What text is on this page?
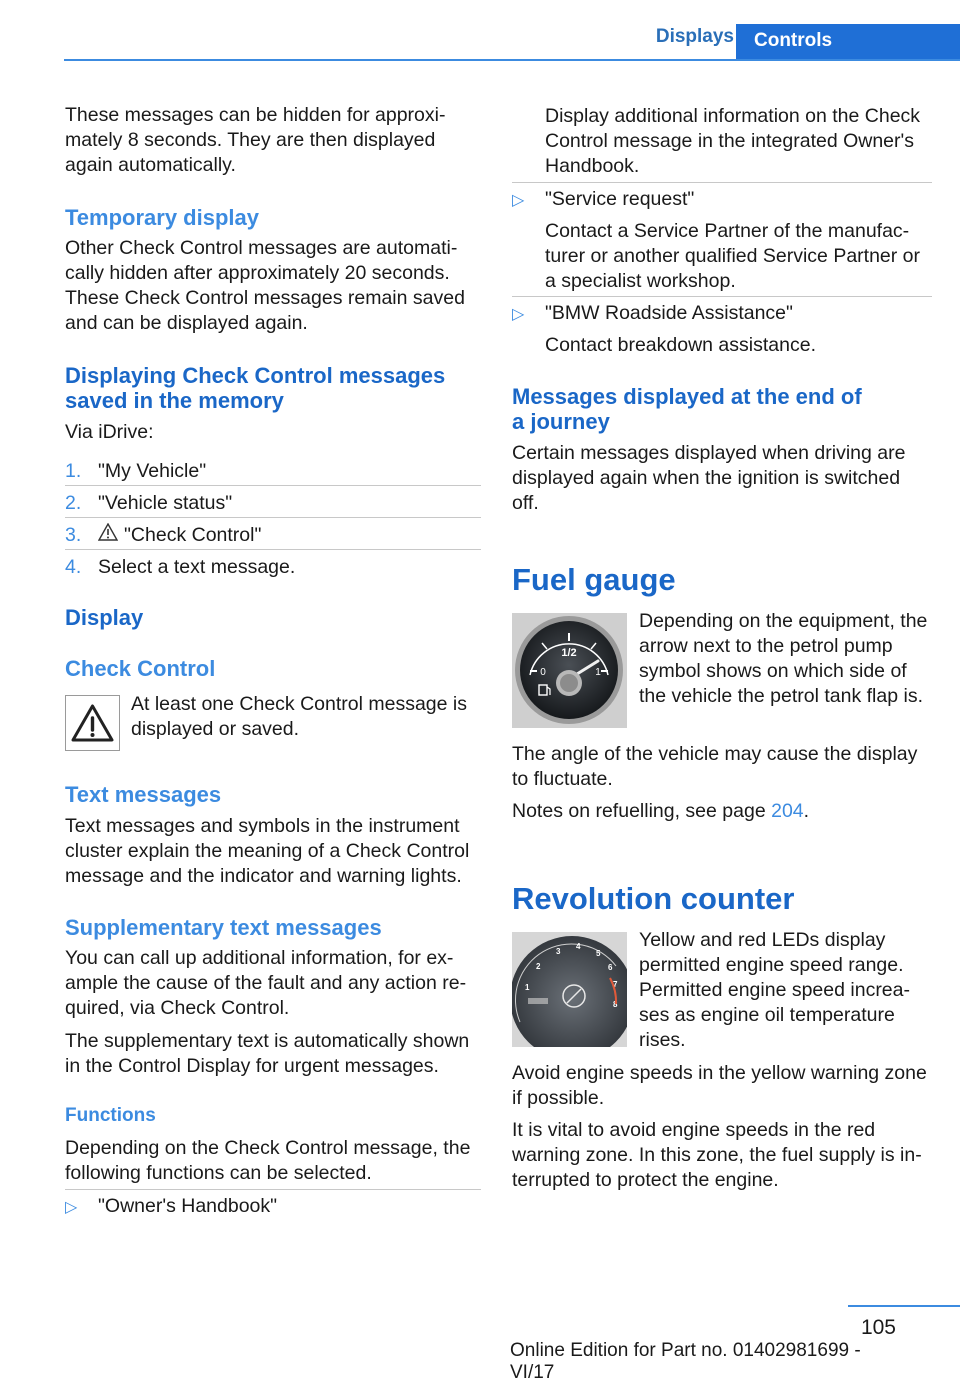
Displays	Controls

These messages can be hidden for approxi-mately 8 seconds. They are then displayed again automatically.

Temporary display

Other Check Control messages are automati-cally hidden after approximately 20 seconds. These Check Control messages remain saved and can be displayed again.

Displaying Check Control messages
saved in the memory

Via iDrive:

1. "My Vehicle"

2. "Vehicle status"

3. "Check Control"

4. Select a text message.

Display
Check Control

At least one Check Control message is displayed or saved.

Text messages

Text messages and symbols in the instrument cluster explain the meaning of a Check Control message and the indicator and warning lights.

Supplementary text messages

You can call up additional information, for ex-ample the cause of the fault and any action re-quired, via Check Control.

The supplementary text is automatically shown in the Control Display for urgent messages.

Functions

Depending on the Check Control message, the following functions can be selected.

▷ "Owner's Handbook"

Display additional information on the Check Control message in the integrated Owner's Handbook.

▷ "Service request"

Contact a Service Partner of the manufac-turer or another qualified Service Partner or a specialist workshop.

▷ "BMW Roadside Assistance"

Contact breakdown assistance.

Messages displayed at the end of
a journey

Certain messages displayed when driving are displayed again when the ignition is switched off.

Fuel gauge
1/2
0	1

Depending on the equipment, the arrow next to the petrol pump symbol shows on which side of the vehicle the petrol tank flap is.

The angle of the vehicle may cause the display to fluctuate.

Notes on refuelling, see page 204.

Revolution counter
1
2
3
4
5
6
7
8

Yellow and red LEDs display permitted engine speed range. Permitted engine speed increa-ses as engine oil temperature rises.

Avoid engine speeds in the yellow warning zone if possible.

It is vital to avoid engine speeds in the red warning zone. In this zone, the fuel supply is in-terrupted to protect the engine.

105
Online Edition for Part no. 01402981699 - VI/17
